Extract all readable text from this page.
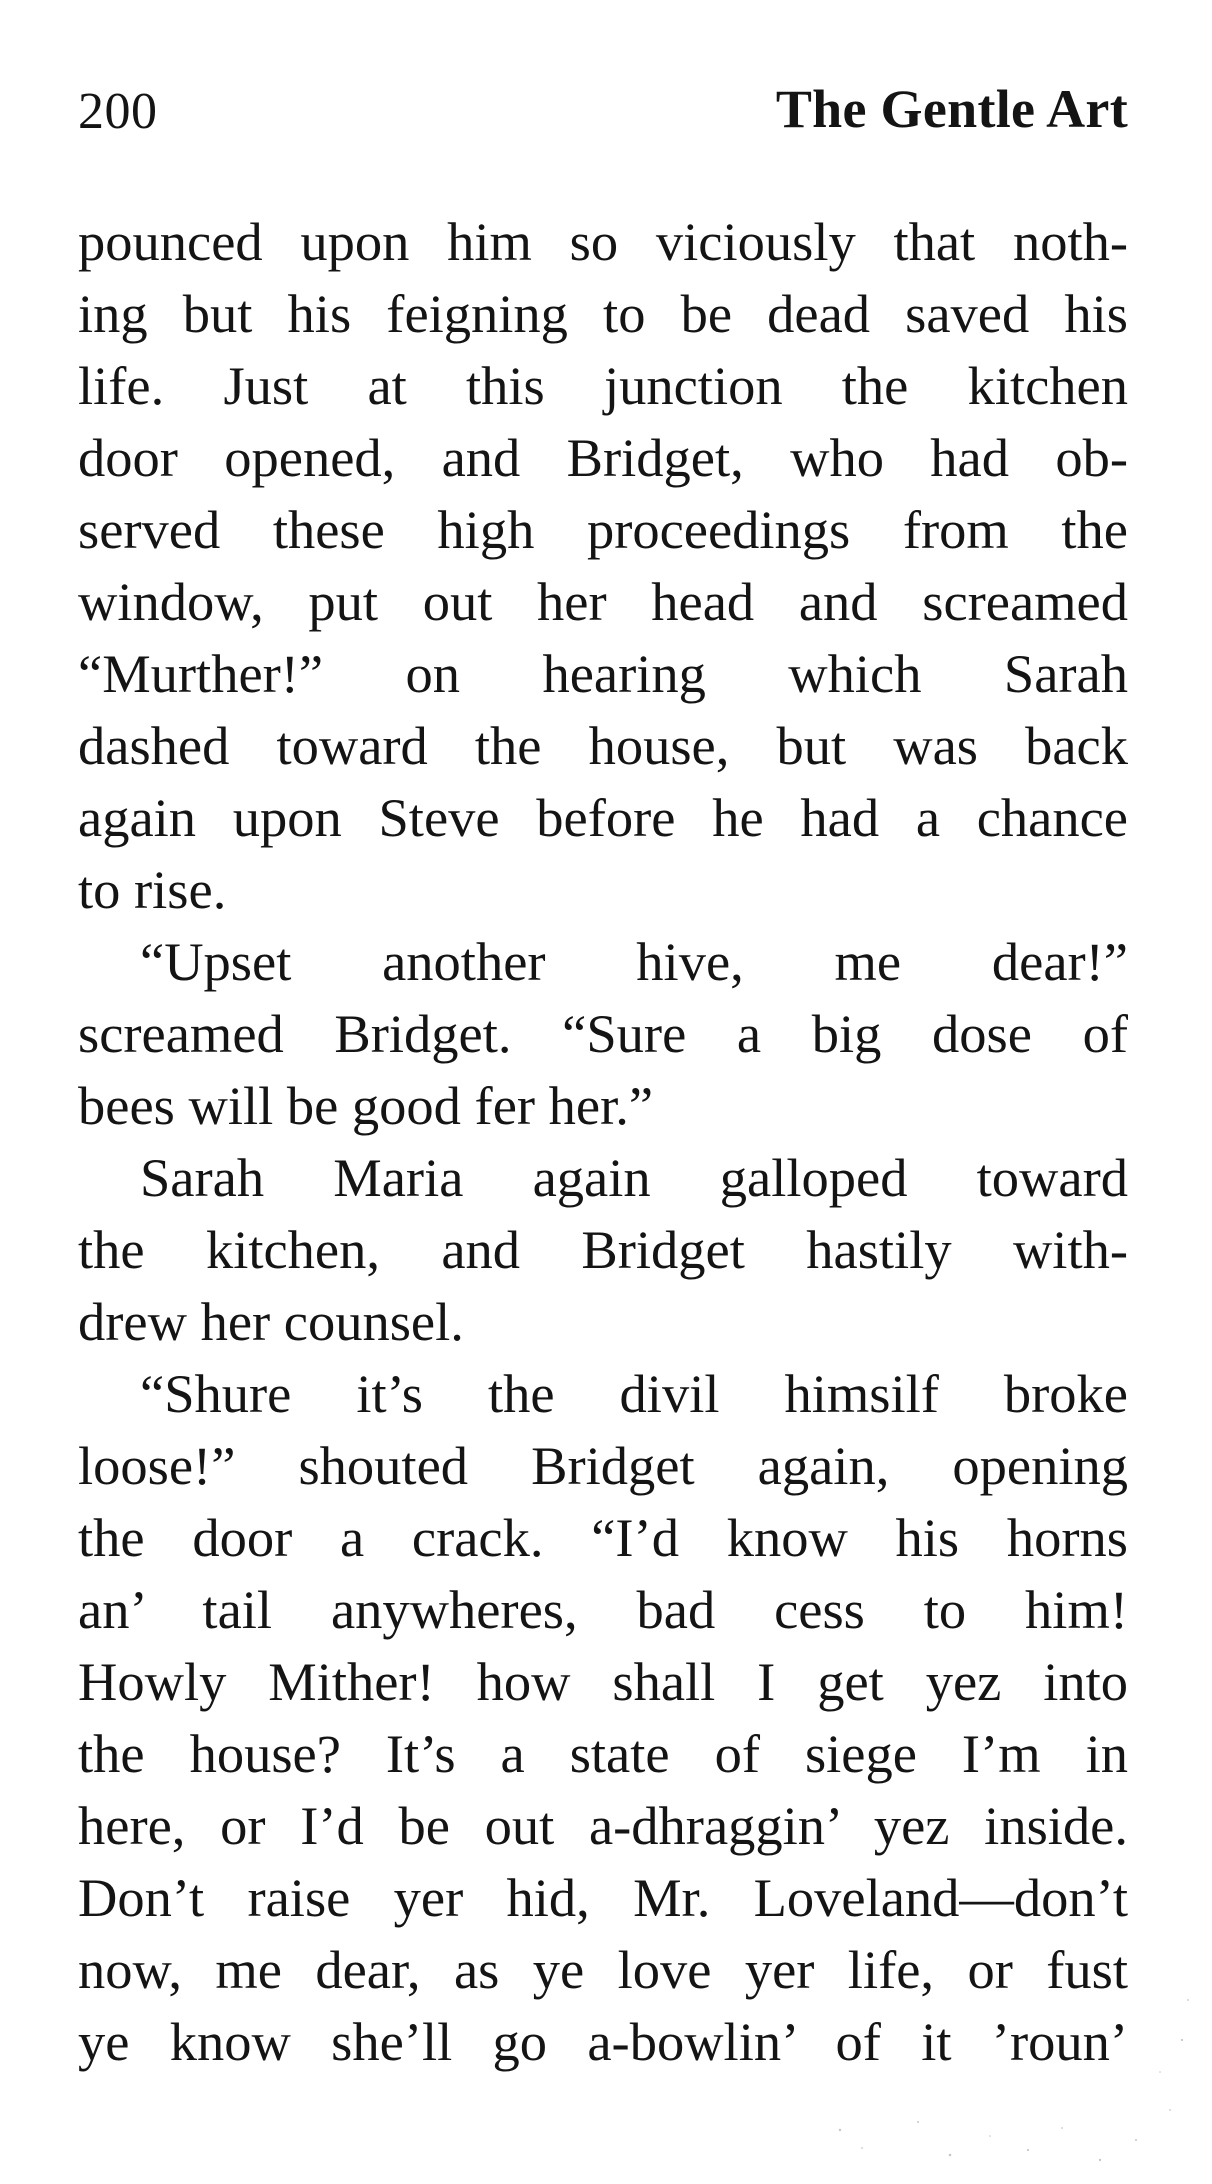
200	The Gentle Art
pounced upon him so viciously that noth-
ing but his feigning to be dead saved his
life. Just at this junction the kitchen
door opened, and Bridget, who had ob-
served these high proceedings from the
window, put out her head and screamed
“Murther!” on hearing which Sarah
dashed toward the house, but was back
again upon Steve before he had a chance
to rise.
“Upset another hive, me dear!”
screamed Bridget. “Sure a big dose of
bees will be good fer her.”
Sarah Maria again galloped toward
the kitchen, and Bridget hastily with-
drew her counsel.
“Shure it’s the divil himsilf broke
loose!” shouted Bridget again, opening
the door a crack. “I’d know his horns
an’ tail anywheres, bad cess to him!
Howly Mither! how shall I get yez into
the house? It’s a state of siege I’m in
here, or I’d be out a-dhraggin’ yez inside.
Don’t raise yer hid, Mr. Loveland—don’t
now, me dear, as ye love yer life, or fust
ye know she’ll go a-bowlin’ of it ’roun’
